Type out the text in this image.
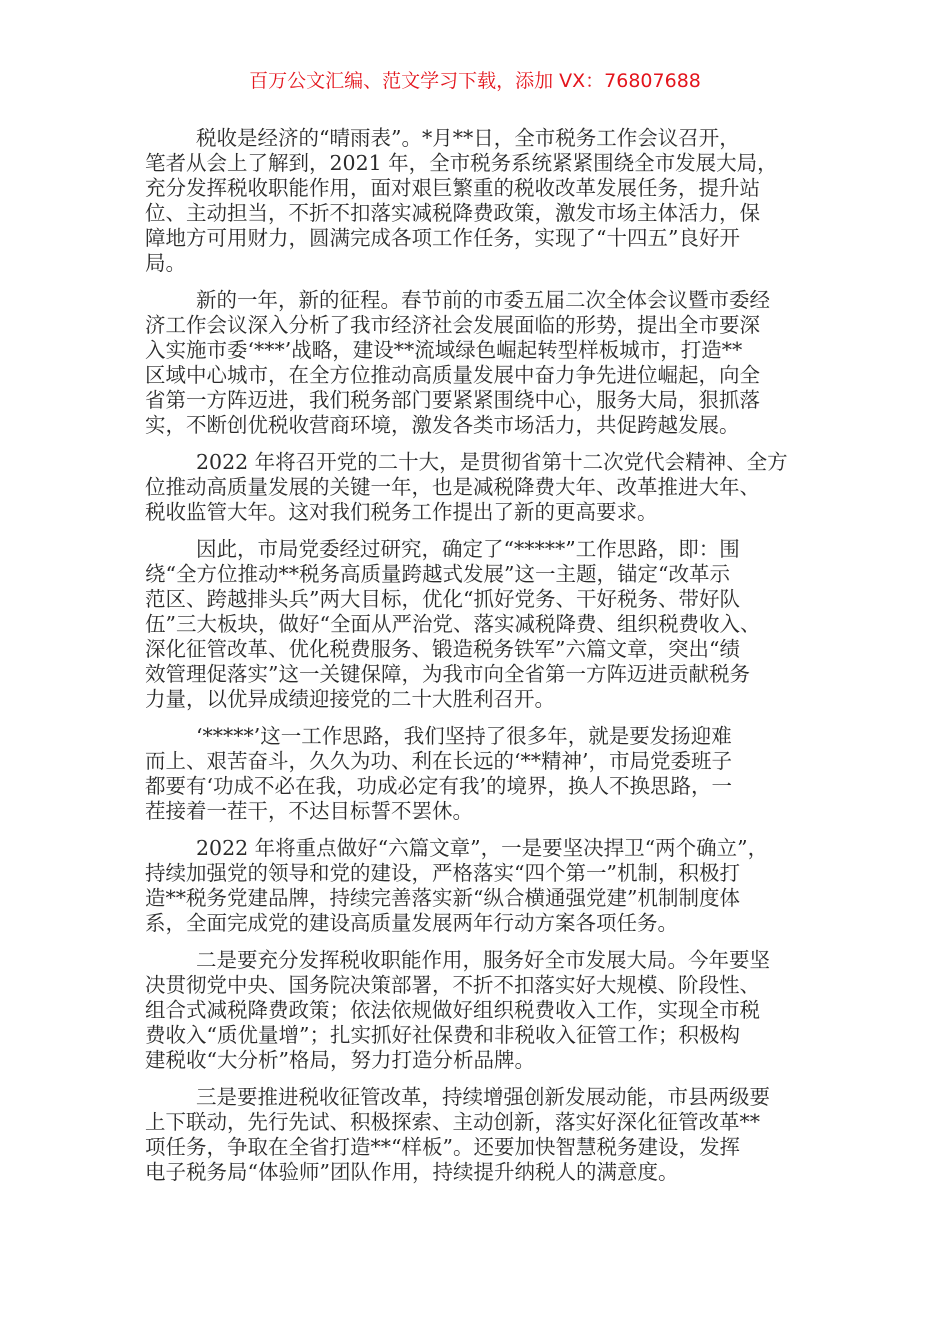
百万公文汇编、范文学习下载，添加 VX：76807688
税收是经济的“晴雨表”。*月**日，全市税务工作会议召开，
笔者从会上了解到，2021 年，全市税务系统紧紧围绕全市发展大局，
充分发挥税收职能作用，面对艰巨繁重的税收改革发展任务，提升站
位、主动担当，不折不扣落实减税降费政策，激发市场主体活力，保
障地方可用财力，圆满完成各项工作任务，实现了“十四五”良好开
局。
新的一年，新的征程。春节前的市委五届二次全体会议暨市委经
济工作会议深入分析了我市经济社会发展面临的形势，提出全市要深
入实施市委‘***’战略，建设**流域绿色崛起转型样板城市，打造**
区域中心城市，在全方位推动高质量发展中奋力争先进位崛起，向全
省第一方阵迈进，我们税务部门要紧紧围绕中心，服务大局，狠抓落
实，不断创优税收营商环境，激发各类市场活力，共促跨越发展。
2022 年将召开党的二十大，是贯彻省第十二次党代会精神、全方
位推动高质量发展的关键一年，也是减税降费大年、改革推进大年、
税收监管大年。这对我们税务工作提出了新的更高要求。
因此，市局党委经过研究，确定了“*****”工作思路，即：围
绕“全方位推动**税务高质量跨越式发展”这一主题，锚定“改革示
范区、跨越排头兵”两大目标，优化“抓好党务、干好税务、带好队
伍”三大板块，做好“全面从严治党、落实减税降费、组织税费收入、
深化征管改革、优化税费服务、锻造税务铁军”六篇文章，突出“绩
效管理促落实”这一关键保障，为我市向全省第一方阵迈进贡献税务
力量，以优异成绩迎接党的二十大胜利召开。
‘*****’这一工作思路，我们坚持了很多年，就是要发扬迎难
而上、艰苦奋斗，久久为功、利在长远的‘**精神’，市局党委班子
都要有‘功成不必在我，功成必定有我’的境界，换人不换思路，一
茬接着一茬干，不达目标誓不罢休。
2022 年将重点做好“六篇文章”，一是要坚决捍卫“两个确立”，
持续加强党的领导和党的建设，严格落实“四个第一”机制，积极打
造**税务党建品牌，持续完善落实新“纵合横通强党建”机制制度体
系，全面完成党的建设高质量发展两年行动方案各项任务。
二是要充分发挥税收职能作用，服务好全市发展大局。今年要坚
决贯彻党中央、国务院决策部署，不折不扣落实好大规模、阶段性、
组合式减税降费政策；依法依规做好组织税费收入工作，实现全市税
费收入“质优量增”；扎实抓好社保费和非税收入征管工作；积极构
建税收“大分析”格局，努力打造分析品牌。
三是要推进税收征管改革，持续增强创新发展动能，市县两级要
上下联动，先行先试、积极探索、主动创新，落实好深化征管改革**
项任务，争取在全省打造**“样板”。还要加快智慧税务建设，发挥
电子税务局“体验师”团队作用，持续提升纳税人的满意度。
